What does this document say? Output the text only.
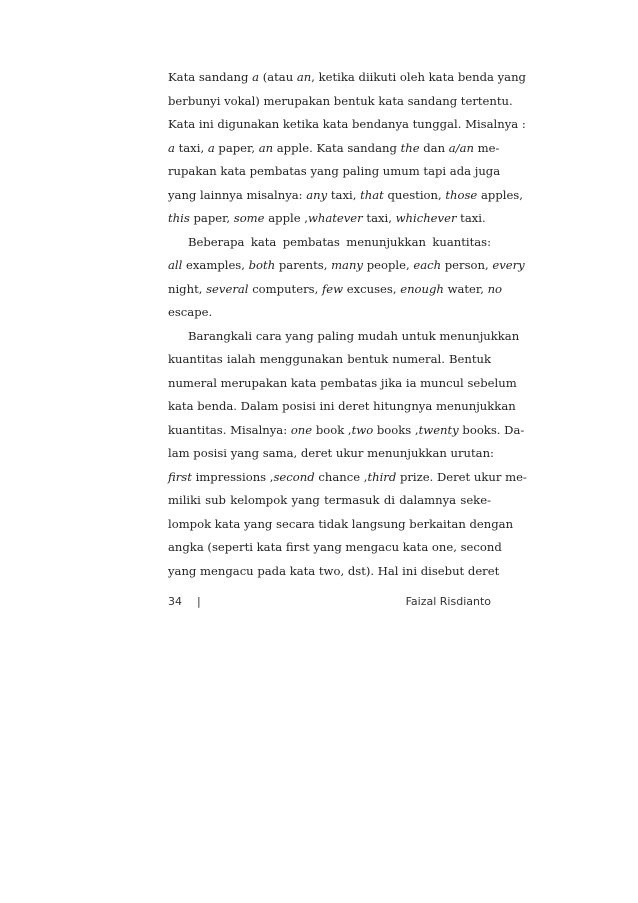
Kata sandang a (atau an, ketika diikuti oleh kata benda yang
berbunyi vokal) merupakan bentuk kata sandang tertentu.
Kata ini digunakan ketika kata bendanya tunggal. Misalnya :
a taxi, a paper, an apple. Kata sandang the dan a/an me-
rupakan kata pembatas yang paling umum tapi ada juga
yang lainnya misalnya: any taxi, that question, those apples,
this paper, some apple ,whatever taxi, whichever taxi.
Beberapa kata pembatas menunjukkan kuantitas:
all examples, both parents, many people, each person, every
night, several computers, few excuses, enough water, no
escape.
Barangkali cara yang paling mudah untuk menunjukkan
kuantitas ialah menggunakan bentuk numeral. Bentuk
numeral merupakan kata pembatas jika ia muncul sebelum
kata benda. Dalam posisi ini deret hitungnya menunjukkan
kuantitas. Misalnya: one book ,two books ,twenty books. Da-
lam posisi yang sama, deret ukur menunjukkan urutan:
first impressions ,second chance ,third prize. Deret ukur me-
miliki sub kelompok yang termasuk di dalamnya seke-
lompok kata yang secara tidak langsung berkaitan dengan
angka (seperti kata first yang mengacu kata one, second
yang mengacu pada kata two, dst). Hal ini disebut deret
34 |	Faizal Risdianto
